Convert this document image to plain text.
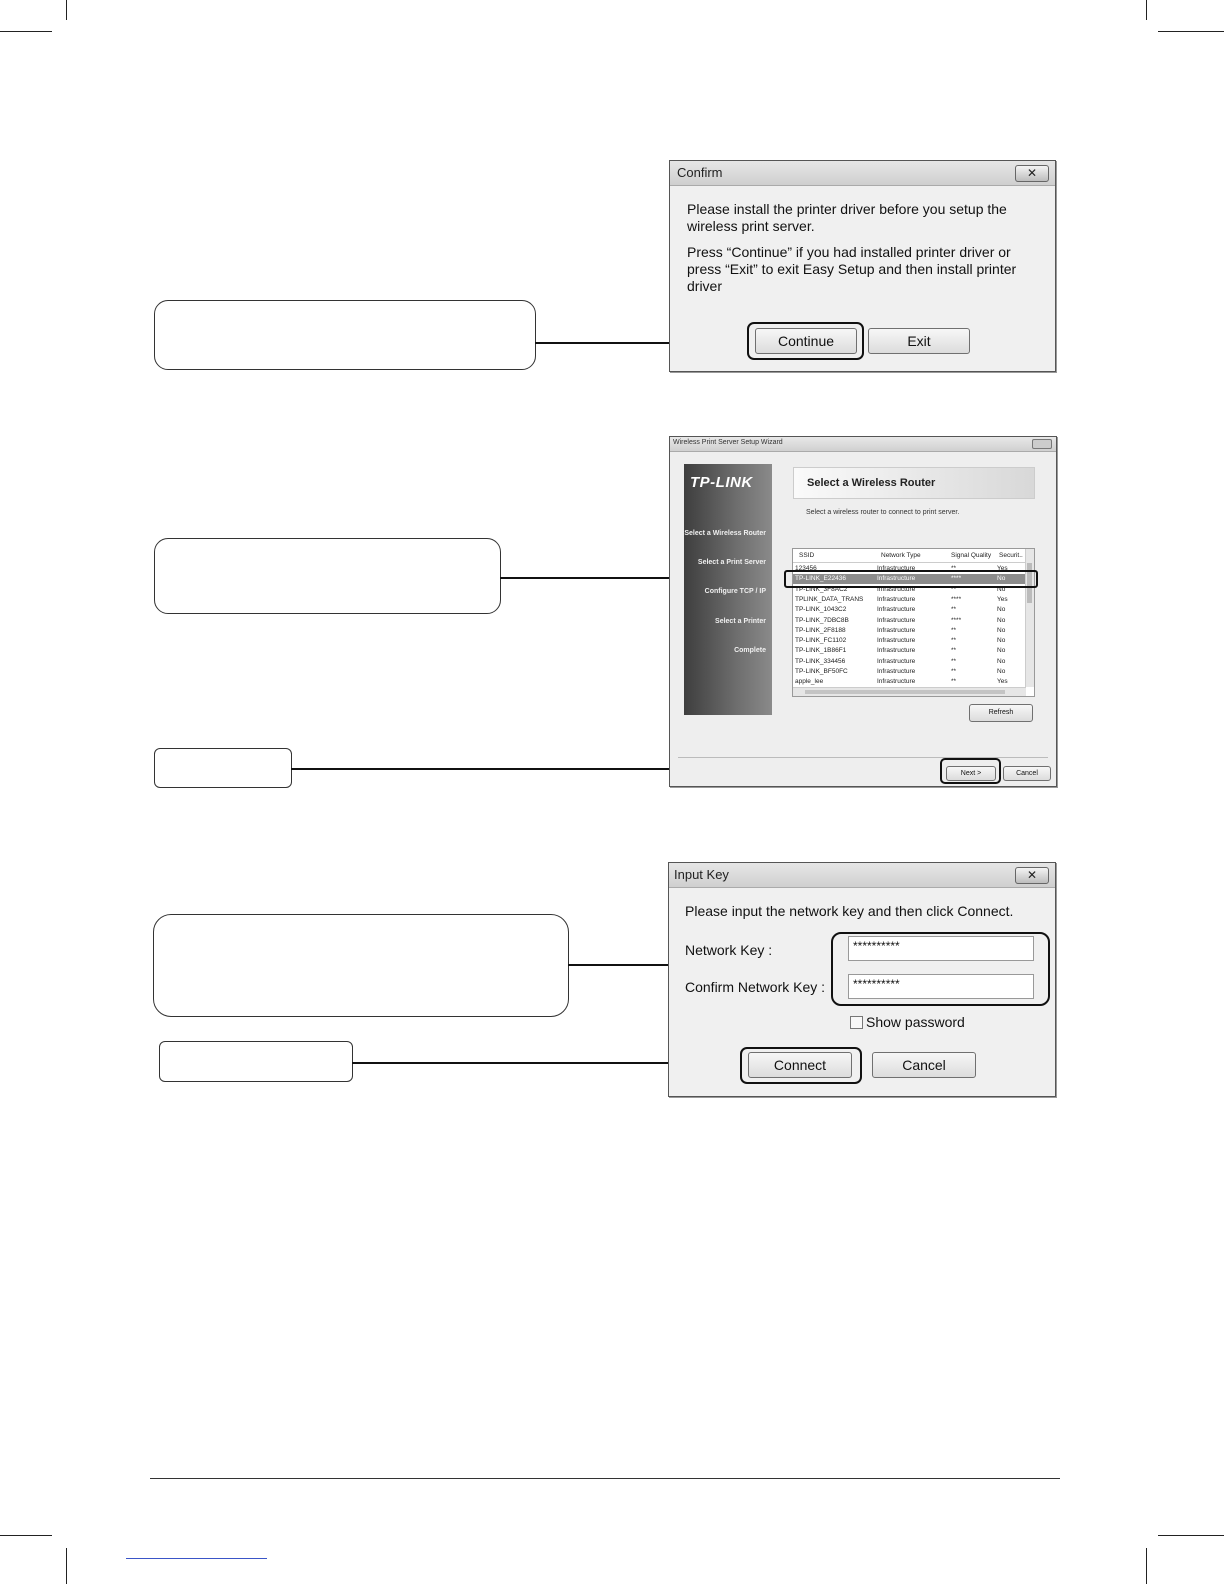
Confirm	✕
Please install the printer driver before you setup the wireless print server.
Press “Continue” if you had installed printer driver or press “Exit” to exit Easy Setup and then install printer driver
Continue	Exit
Wireless Print Server Setup Wizard
TP-LINK
Select a Wireless Router
Select a Print Server
Configure TCP / IP
Select a Printer
Complete
Select a Wireless Router
Select a wireless router to connect to print server.
SSID	Network Type	Signal Quality Securit..
123456	Infrastructure	**	Yes
TP-LINK_E22436	Infrastructure	****	No
TP-LINK_3F8AC2	Infrastructure	**	No
TPLINK_DATA_TRANS Infrastructure	****	Yes
TP-LINK_1043C2	Infrastructure	**	No
TP-LINK_7DBC8B	Infrastructure	****	No
TP-LINK_2F8188	Infrastructure	**	No
TP-LINK_FC1102	Infrastructure	**	No
TP-LINK_1B86F1	Infrastructure	**	No
TP-LINK_334456	Infrastructure	**	No
TP-LINK_BF50FC	Infrastructure	**	No
apple_lee	Infrastructure	**	Yes
Refresh
Next >	Cancel
Input Key	✕
Please input the network key and then click Connect.
Network Key :	**********
Confirm Network Key :	**********
Show password
Connect	Cancel
